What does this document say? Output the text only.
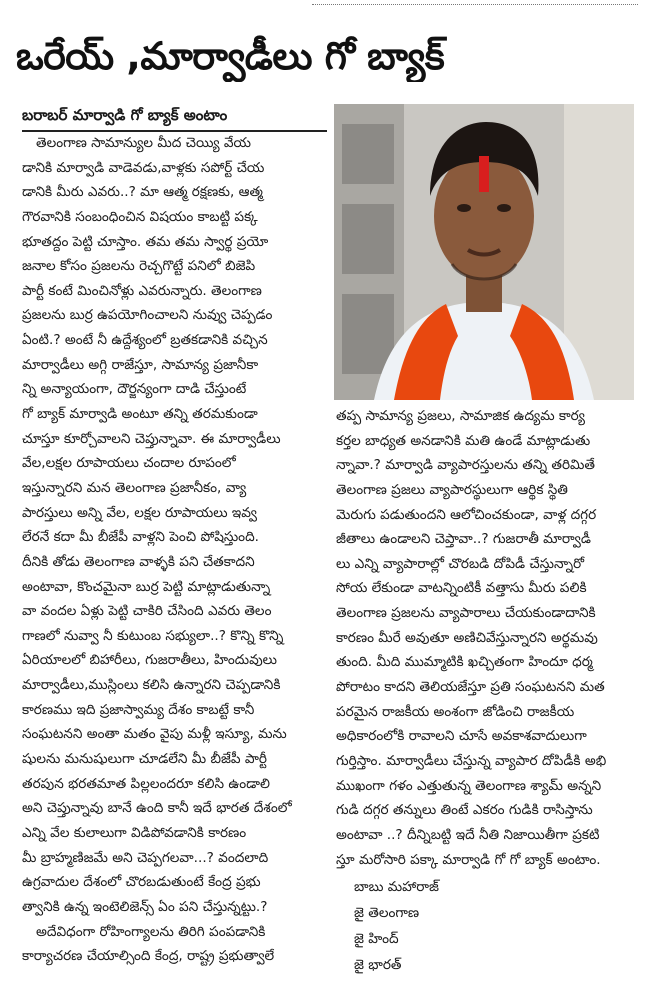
ఒరేయ్ ,మార్వాడీలు గో బ్యాక్
బరాబర్ మార్వాడి గో బ్యాక్ అంటాం
తెలంగాణ సామాన్యుల మీద చెయ్యి వేయ
డానికి మార్వాడి వాడెవడు,వాళ్లకు సపోర్ట్ చేయ
డానికి మీరు ఎవరు..? మా ఆత్మ రక్షణకు, ఆత్మ
గౌరవానికి సంబంధించిన విషయం కాబట్టి పక్క
భూతద్దం పెట్టి చూస్తాం. తమ తమ స్వార్థ ప్రయో
జనాల కోసం ప్రజలను రెచ్చగొట్టే పనిలో బిజెపి
పార్టీ కంటే మించినోళ్లు ఎవరున్నారు. తెలంగాణ
ప్రజలను బుర్ర ఉపయోగించాలని నువ్వు చెప్పడం
ఏంటి.? అంటే నీ ఉద్దేశ్యంలో బ్రతకడానికి వచ్చిన
మార్వాడీలు అగ్గి రాజేస్తూ, సామాన్య ప్రజానీకా
న్ని అన్యాయంగా, దౌర్జన్యంగా దాడి చేస్తుంటే
గో బ్యాక్ మార్వాడి అంటూ తన్ని తరమకుండా
చూస్తూ కూర్చోవాలని చెప్తున్నావా. ఈ మార్వాడీలు
వేల,లక్షల రూపాయలు చందాల రూపంలో
ఇస్తున్నారని మన తెలంగాణ ప్రజానీకం, వ్యా
పారస్తులు అన్ని వేల, లక్షల రూపాయలు ఇవ్వ
లేరనే కదా మీ బీజేపీ వాళ్లని పెంచి పోషిస్తుంది.
దీనికి తోడు తెలంగాణ వాళ్ళకి పని చేతకాదని
అంటావా, కొంచమైనా బుర్ర పెట్టి మాట్లాడుతున్నా
వా వందల ఏళ్లు పెట్టి చాకిరి చేసింది ఎవరు తెలం
గాణలో నువ్వా నీ కుటుంబ సభ్యులా..? కొన్ని కొన్ని
ఏరియాలలో బిహారీలు, గుజరాతీలు, హిందువులు
మార్వాడీలు,ముస్లింలు కలిసి ఉన్నారని చెప్పడానికి
కారణము ఇది ప్రజాస్వామ్య దేశం కాబట్టే కానీ
సంఘటనని అంతా మతం వైపు మళ్లీ ఇస్యూ, మను
షులను మనుషులుగా చూడలేని మీ బీజేపీ పార్టీ
తరపున భరతమాత పిల్లలందరూ కలిసి ఉండాలి
అని చెప్తున్నావు బానే ఉంది కానీ ఇదే భారత దేశంలో
ఎన్ని వేల కులాలుగా విడిపోవడానికి కారణం
మీ బ్రాహ్మణిజమే అని చెప్పగలవా...? వందలాది
ఉగ్రవాదుల దేశంలో చొరబడుతుంటే కేంద్ర ప్రభు
త్వానికి ఉన్న ఇంటెలిజెన్స్ ఏం పని చేస్తున్నట్టు.?
అదేవిధంగా రోహింగ్యాలను తిరిగి పంపడానికి
కార్యాచరణ చేయాల్సింది కేంద్ర, రాష్ట్ర ప్రభుత్వాలే
తప్ప సామాన్య ప్రజలు, సామాజిక ఉద్యమ కార్య
కర్తల బాధ్యత అనడానికి మతి ఉండే మాట్లాడుతు
న్నావా.? మార్వాడి వ్యాపారస్తులను తన్ని తరిమితే
తెలంగాణ ప్రజలు వ్యాపారస్థులుగా ఆర్థిక స్థితి
మెరుగు పడుతుందని ఆలోచించకుండా, వాళ్ల దగ్గర
జీతాలు ఉండాలని చెప్తావా..? గుజరాతీ మార్వాడీ
లు ఎన్ని వ్యాపారాల్లో చొరబడి దోపిడీ చేస్తున్నారో
సోయ లేకుండా వాటన్నింటికీ వత్తాసు మీరు పలికి
తెలంగాణ ప్రజలను వ్యాపారాలు చేయకుండాదానికి
కారణం మీరే అవుతూ అణిచివేస్తున్నారని అర్థమవు
తుంది. మీది ముమ్మాటికి ఖచ్చితంగా హిందూ ధర్మ
పోరాటం కాదని తెలియజేస్తూ ప్రతి సంఘటనని మత
పరమైన రాజకీయ అంశంగా జోడించి రాజకీయ
అధికారంలోకి రావాలని చూసే అవకాశవాదులుగా
గుర్తిస్తాం. మార్వాడీలు చేస్తున్న వ్యాపార దోపిడీకి అభి
ముఖంగా గళం ఎత్తుతున్న తెలంగాణ శ్యామ్ అన్నని
గుడి దగ్గర తన్నులు తింటే ఎకరం గుడికి రాసిస్తాను
అంటావా ..? దీన్నిబట్టి ఇదే నీతి నిజాయితీగా ప్రకటి
స్తూ మరోసారి పక్కా మార్వాడి గో గో బ్యాక్ అంటాం.
బాబు మహారాజ్
జై తెలంగాణ
జై హింద్
జై భారత్
